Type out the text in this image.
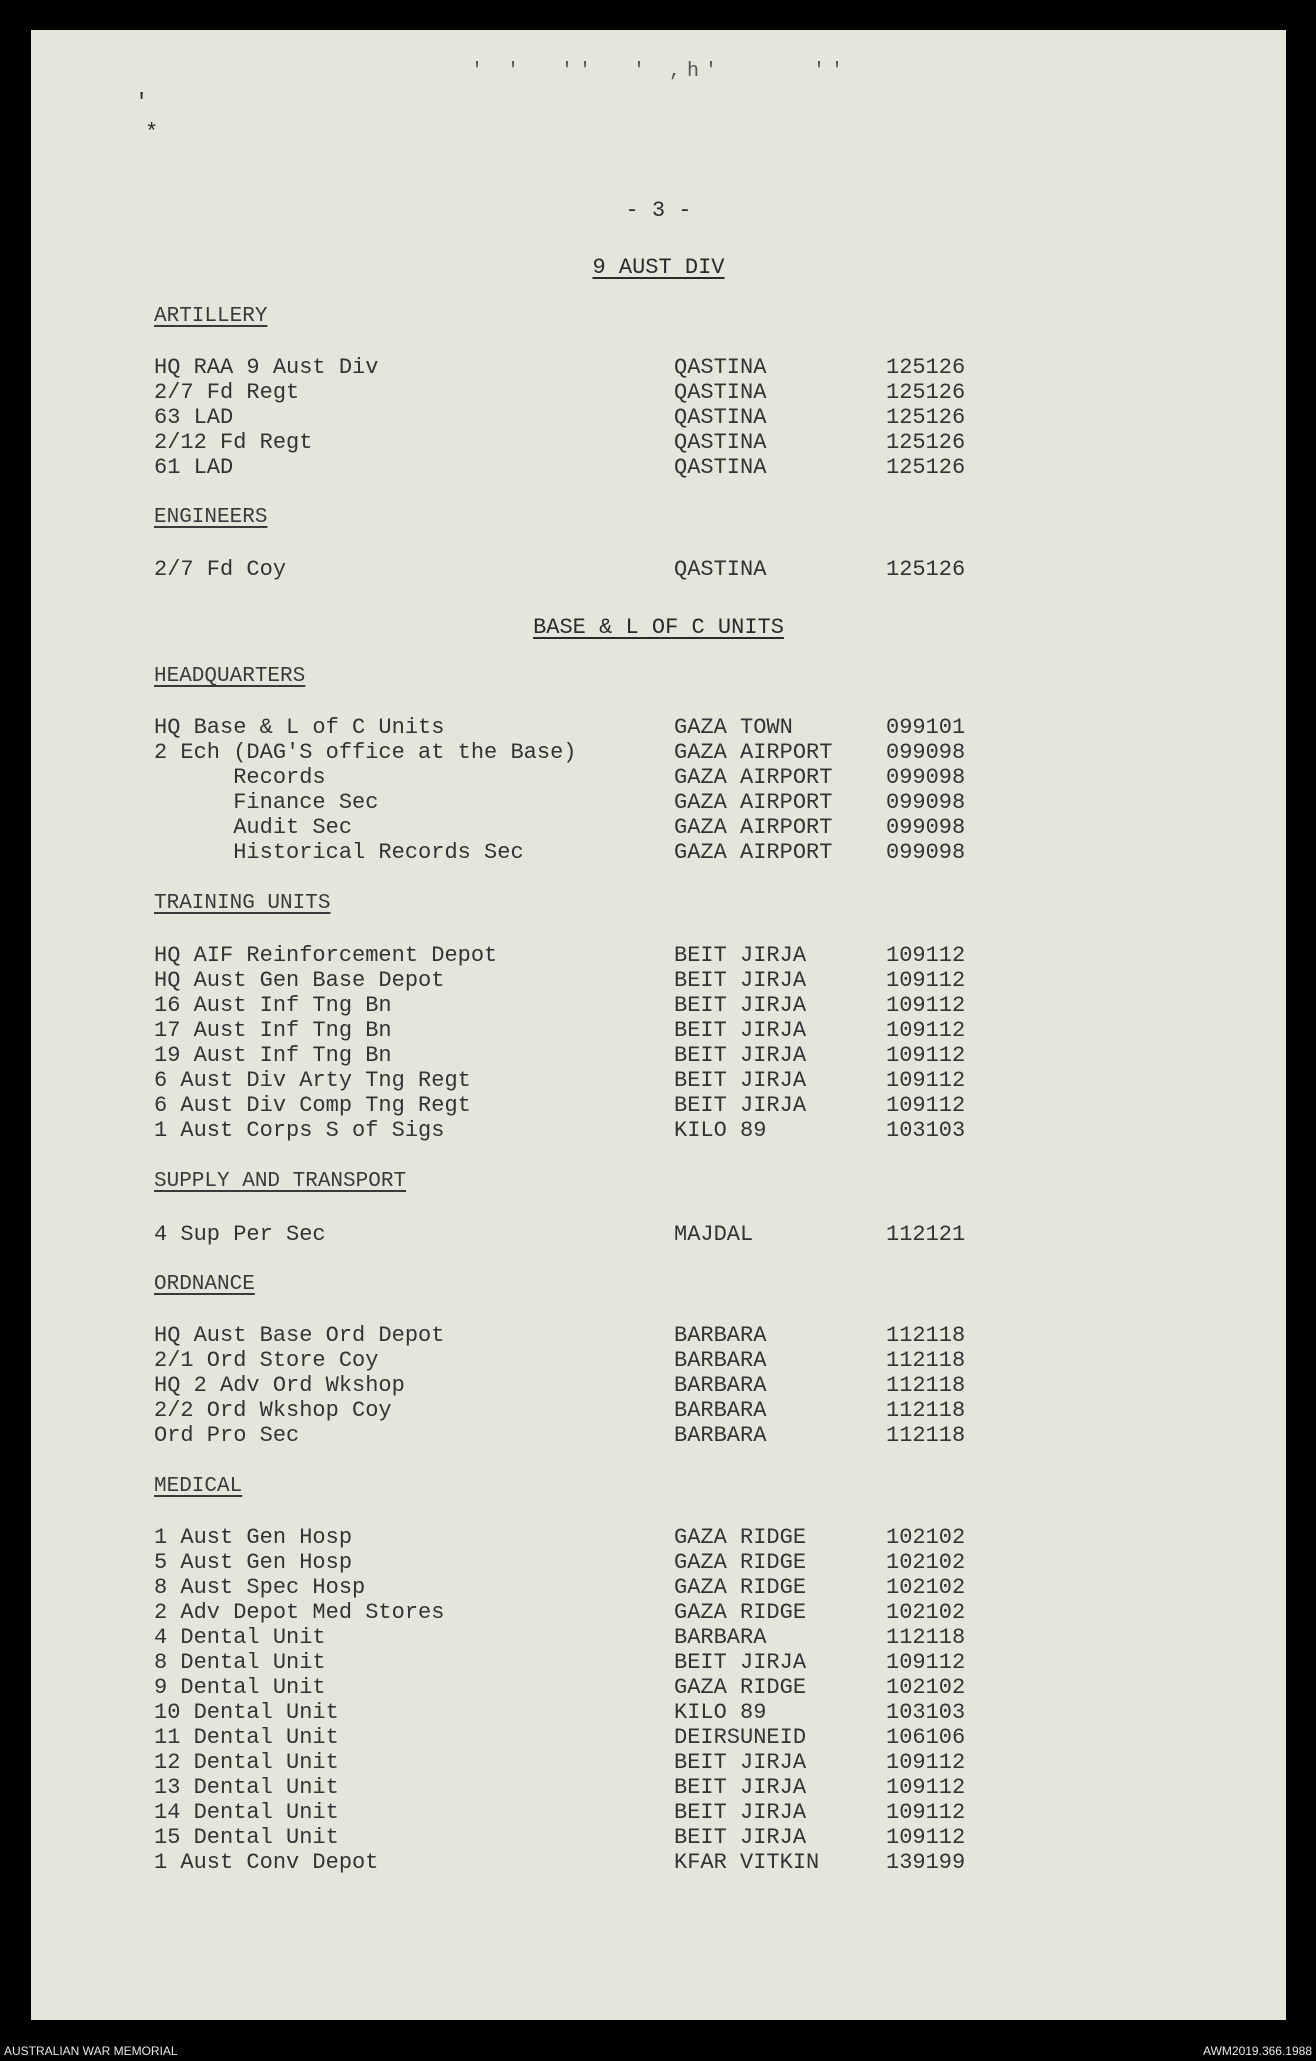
'
*
' '  ''  ' ,h'     ''
- 3 -
9 AUST DIV
ARTILLERY
HQ RAA 9 Aust Div	QASTINA	125126
2/7 Fd Regt	QASTINA	125126
63 LAD	QASTINA	125126
2/12 Fd Regt	QASTINA	125126
61 LAD	QASTINA	125126
ENGINEERS
2/7 Fd Coy	QASTINA	125126
BASE & L OF C UNITS
HEADQUARTERS
HQ Base & L of C Units	GAZA TOWN	099101
2 Ech (DAG'S office at the Base)	GAZA AIRPORT 099098
Records	GAZA AIRPORT 099098
Finance Sec	GAZA AIRPORT 099098
Audit Sec	GAZA AIRPORT 099098
Historical Records Sec	GAZA AIRPORT 099098
TRAINING UNITS
HQ AIF Reinforcement Depot	BEIT JIRJA	109112
HQ Aust Gen Base Depot	BEIT JIRJA	109112
16 Aust Inf Tng Bn	BEIT JIRJA	109112
17 Aust Inf Tng Bn	BEIT JIRJA	109112
19 Aust Inf Tng Bn	BEIT JIRJA	109112
6 Aust Div Arty Tng Regt	BEIT JIRJA	109112
6 Aust Div Comp Tng Regt	BEIT JIRJA	109112
1 Aust Corps S of Sigs	KILO 89	103103
SUPPLY AND TRANSPORT
4 Sup Per Sec	MAJDAL	112121
ORDNANCE
HQ Aust Base Ord Depot	BARBARA	112118
2/1 Ord Store Coy	BARBARA	112118
HQ 2 Adv Ord Wkshop	BARBARA	112118
2/2 Ord Wkshop Coy	BARBARA	112118
Ord Pro Sec	BARBARA	112118
MEDICAL
1 Aust Gen Hosp	GAZA RIDGE	102102
5 Aust Gen Hosp	GAZA RIDGE	102102
8 Aust Spec Hosp	GAZA RIDGE	102102
2 Adv Depot Med Stores	GAZA RIDGE	102102
4 Dental Unit	BARBARA	112118
8 Dental Unit	BEIT JIRJA	109112
9 Dental Unit	GAZA RIDGE	102102
10 Dental Unit	KILO 89	103103
11 Dental Unit	DEIRSUNEID	106106
12 Dental Unit	BEIT JIRJA	109112
13 Dental Unit	BEIT JIRJA	109112
14 Dental Unit	BEIT JIRJA	109112
15 Dental Unit	BEIT JIRJA	109112
1 Aust Conv Depot	KFAR VITKIN	139199
AUSTRALIAN WAR MEMORIAL	AWM2019.366.1988
